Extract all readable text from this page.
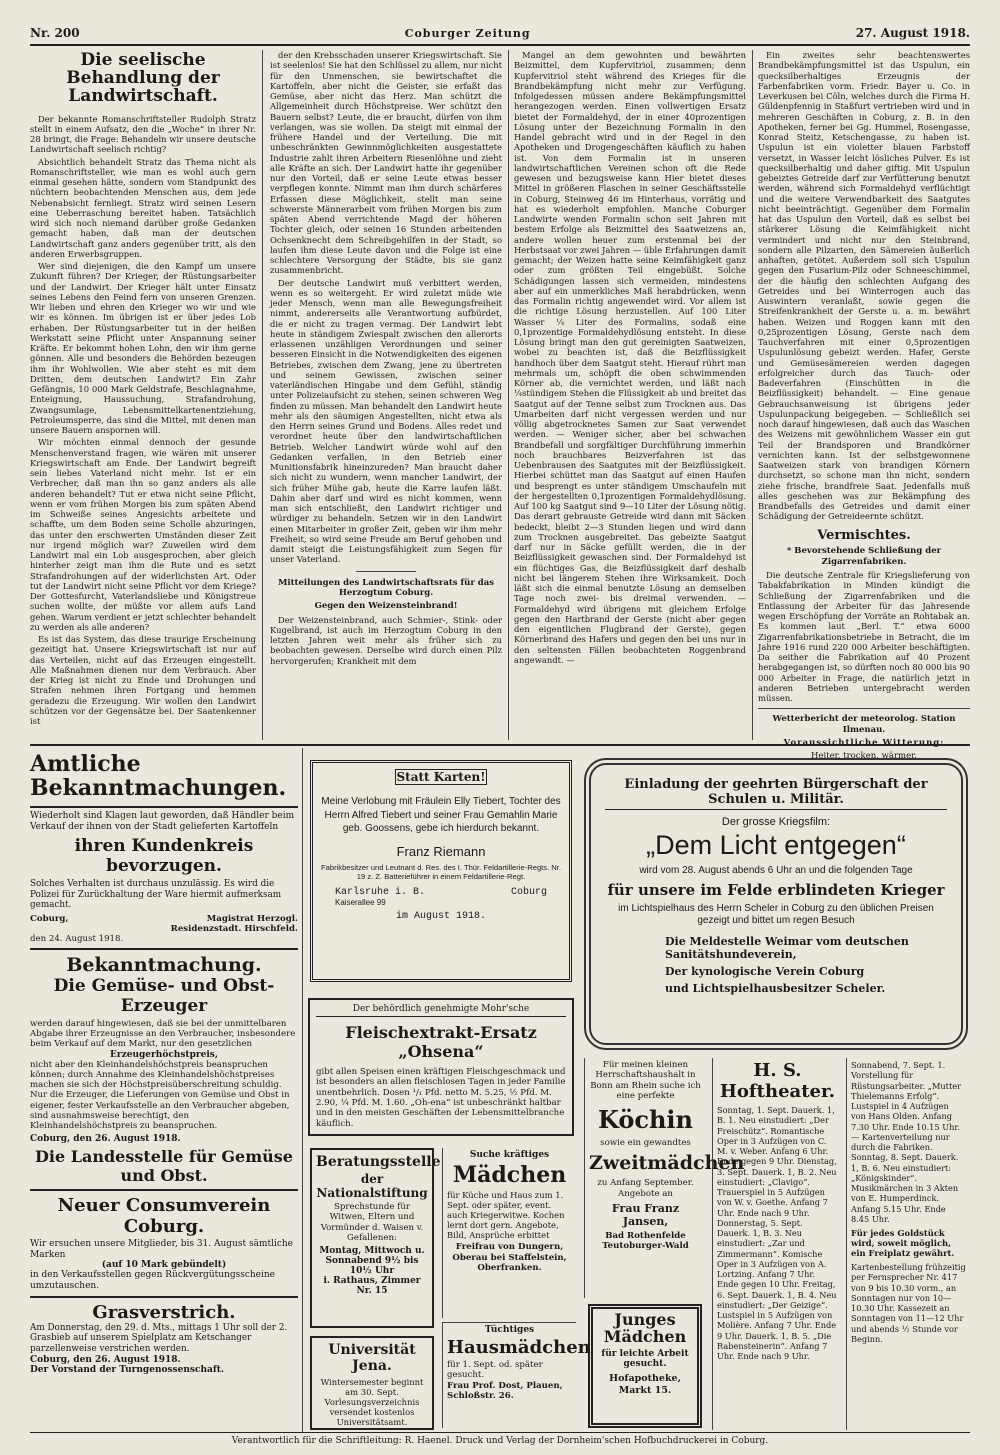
Nr. 200	Coburger Zeitung	27. August 1918.
Die seelische Behandlung der Landwirtschaft.

Der bekannte Romanschriftsteller Rudolph Stratz stellt in einem Aufsatz, den die „Woche“ in ihrer Nr. 28 bringt, die Frage: Behandeln wir unsere deutsche Landwirtschaft seelisch richtig?

Absichtlich behandelt Stratz das Thema nicht als Romanschriftsteller, wie man es wohl auch gern einmal gesehen hätte, sondern vom Standpunkt des nüchtern beobachtenden Menschen aus, dem jede Nebenabsicht fernliegt. Stratz wird seinen Lesern eine Ueberraschung bereitet haben. Tatsächlich wird sich noch niemand darüber große Gedanken gemacht haben, daß man der deutschen Landwirtschaft ganz anders gegenüber tritt, als den anderen Erwerbsgruppen.

Wer sind diejenigen, die den Kampf um unsere Zukunft führen? Der Krieger, der Rüstungsarbeiter und der Landwirt. Der Krieger hält unter Einsatz seines Lebens den Feind fern von unseren Grenzen. Wir lieben und ehren den Krieger wo wir und wie wir es können. Im übrigen ist er über jedes Lob erhaben. Der Rüstungsarbeiter tut in der heißen Werkstatt seine Pflicht unter Anspannung seiner Kräfte. Er bekommt hohen Lohn, den wir ihm gerne gönnen. Alle und besonders die Behörden bezeugen ihm ihr Wohlwollen. Wie aber steht es mit dem Dritten, dem deutschen Landwirt? Ein Zahr Gefängnis, 10 000 Mark Geldstrafe, Beschlagnahme, Enteignung, Haussuchung, Strafandrohung, Zwangsumlage, Lebensmittelkartenentziehung, Petroleumsperre, das sind die Mittel, mit denen man unsere Bauern anspornen will.

Wir möchten einmal dennoch der gesunde Menschenverstand fragen, wie wären mit unserer Kriegswirtschaft am Ende. Der Landwirt begreift sein liebes Vaterland nicht mehr. Ist er ein Verbrecher, daß man ihn so ganz anders als alle anderen behandelt? Tut er etwa nicht seine Pflicht, wenn er vom frühen Morgen bis zum späten Abend im Schweiße seines Angesichts arbeitete und schaffte, um dem Boden seine Scholle abzuringen, das unter den erschwerten Umständen dieser Zeit nur irgend möglich war? Zuweilen wird dem Landwirt mal ein Lob ausgesprochen, aber gleich hinterher zeigt man ihm die Rute und es setzt Strafandrohungen auf der widerlichsten Art. Oder tut der Landwirt nicht seine Pflicht vor dem Kriege? Der Gottesfurcht, Vaterlandsliebe und Königstreue suchen wollte, der müßte vor allem aufs Land gehen. Warum verdient er jetzt schlechter behandelt zu werden als alle anderen?

Es ist das System, das diese traurige Erscheinung gezeitigt hat. Unsere Kriegswirtschaft ist nur auf das Verteilen, nicht auf das Erzeugen eingestellt. Alle Maßnahmen dienen nur dem Verbrauch. Aber der Krieg ist nicht zu Ende und Drohungen und Strafen nehmen ihren Fortgang und hemmen geradezu die Erzeugung. Wir wollen den Landwirt schützen vor der Gegensätze bei. Der Saatenkenner ist

der den Krebsschaden unserer Kriegswirtschaft. Sie ist seelenlos! Sie hat den Schlüssel zu allem, nur nicht für den Unmenschen, sie bewirtschaftet die Kartoffeln, aber nicht die Geister, sie erfaßt das Gemüse, aber nicht das Herz. Man schützt die Allgemeinheit durch Höchstpreise. Wer schützt den Bauern selbst? Leute, die er braucht, dürfen von ihm verlangen, was sie wollen. Da steigt mit einmal der frühere Handel und der Verteilung. Die mit unbeschränkten Gewinnmöglichkeiten ausgestattete Industrie zahlt ihren Arbeitern Riesenlöhne und zieht alle Kräfte an sich. Der Landwirt hatte ihr gegenüber nur den Vorteil, daß er seine Leute etwas besser verpflegen konnte. Nimmt man ihm durch schärferes Erfassen diese Möglichkeit, stellt man seine schwerste Männerarbeit vom frühen Morgen bis zum späten Abend verrichtende Magd der höheren Tochter gleich, oder seinen 16 Stunden arbeitenden Ochsenknecht dem Schreibgehilfen in der Stadt, so laufen ihm diese Leute davon und die Folge ist eine schlechtere Versorgung der Städte, bis sie ganz zusammenbricht.

Der deutsche Landwirt muß verbittert werden, wenn es so weitergeht. Er wird zuletzt müde wie jeder Mensch, wenn man alle Bewegungsfreiheit nimmt, andererseits alle Verantwortung aufbürdet, die er nicht zu tragen vermag. Der Landwirt lebt heute in ständigem Zwiespalt zwischen den allerorts erlassenen unzähligen Verordnungen und seiner besseren Einsicht in die Notwendigkeiten des eigenen Betriebes, zwischen dem Zwang, jene zu übertreten und seinem Gewissen, zwischen seiner vaterländischen Hingabe und dem Gefühl, ständig unter Polizeiaufsicht zu stehen, seinen schweren Weg finden zu müssen. Man behandelt den Landwirt heute mehr als den säumigen Angestellten, nicht etwa als den Herrn seines Grund und Bodens. Alles redet und verordnet heute über den landwirtschaftlichen Betrieb. Welcher Landwirt würde wohl auf den Gedanken verfallen, in den Betrieb einer Munitionsfabrik hineinzureden? Man braucht daher sich nicht zu wundern, wenn mancher Landwirt, der sich früher Mühe gab, heute die Karre laufen läßt. Dahin aber darf und wird es nicht kommen, wenn man sich entschließt, den Landwirt richtiger und würdiger zu behandeln. Setzen wir in den Landwirt einen Mitarbeiter in großer Zeit, geben wir ihm mehr Freiheit, so wird seine Freude am Beruf gehoben und damit steigt die Leistungsfähigkeit zum Segen für unser Vaterland.

Mitteilungen des Landwirtschaftsrats für das Herzogtum Coburg.
Gegen den Weizensteinbrand!

Der Weizensteinbrand, auch Schmier-, Stink- oder Kugelbrand, ist auch im Herzogtum Coburg in den letzten Jahren weit mehr als früher sich zu beobachten gewesen. Derselbe wird durch einen Pilz hervorgerufen; Krankheit mit dem

Mangel an dem gewohnten und bewährten Beizmittel, dem Kupfervitriol, zusammen; denn Kupfervitriol steht während des Krieges für die Brandbekämpfung nicht mehr zur Verfügung. Infolgedessen müssen andere Bekämpfungsmittel herangezogen werden. Einen vollwertigen Ersatz bietet der Formaldehyd, der in einer 40prozentigen Lösung unter der Bezeichnung Formalin in den Handel gebracht wird und in der Regel in den Apotheken und Drogengeschäften käuflich zu haben ist. Von dem Formalin ist in unseren landwirtschaftlichen Vereinen schon oft die Rede gewesen und bezugsweise kann Hier bietet dieses Mittel in größeren Flaschen in seiner Geschäftsstelle in Coburg, Steinweg 46 im Hinterhaus, vorrätig und hat es wiederholt empfohlen. Manche Coburger Landwirte wenden Formalin schon seit Jahren mit bestem Erfolge als Beizmittel des Saatweizens an, andere wollen heuer zum erstenmal bei der Herbstsaat vor zwei Jahren — üble Erfahrungen damit gemacht; der Weizen hatte seine Keimfähigkeit ganz oder zum größten Teil eingebüßt. Solche Schädigungen lassen sich vermeiden, mindestens aber auf ein unmerkliches Maß herabdrücken, wenn das Formalin richtig angewendet wird. Vor allem ist die richtige Lösung herzustellen. Auf 100 Liter Wasser ¼ Liter des Formalins, sodaß eine 0,1prozentige Formaldehydlösung entsteht. In diese Lösung bringt man den gut gereinigten Saatweizen, wobei zu beachten ist, daß die Beizflüssigkeit handhoch über dem Saatgut steht. Hierauf rührt man mehrmals um, schöpft die oben schwimmenden Körner ab, die vernichtet werden, und läßt nach ¼stündigem Stehen die Flüssigkeit ab und breitet das Saatgut auf der Tenne selbst zum Trocknen aus. Das Umarbeiten darf nicht vergessen werden und nur völlig abgetrocknetes Samen zur Saat verwendet werden. — Weniger sicher, aber bei schwachen Brandbefall und sorgfältiger Durchführung immerhin noch brauchbares Beizverfahren ist das Uebenbrausen des Saatgutes mit der Beizflüssigkeit. Hierbei schüttet man das Saatgut auf einen Haufen und besprengt es unter ständigem Umschaufeln mit der hergestellten 0,1prozentigen Formaldehydlösung. Auf 100 kg Saatgut sind 9—10 Liter der Lösung nötig. Das derart gebrauste Getreide wird dann mit Säcken bedeckt, bleibt 2—3 Stunden liegen und wird dann zum Trocknen ausgebreitet. Das gebeizte Saatgut darf nur in Säcke gefüllt werden, die in der Beizflüssigkeit gewaschen sind. Der Formaldehyd ist ein flüchtiges Gas, die Beizflüssigkeit darf deshalb nicht bei längerem Stehen ihre Wirksamkeit. Doch läßt sich die einmal benutzte Lösung an demselben Tage noch zwei- bis dreimal verwenden. — Formaldehyd wird übrigens mit gleichem Erfolge gegen den Hartbrand der Gerste (nicht aber gegen den eigentlichen Flugbrand der Gerste), gegen Körnerbrand des Hafers und gegen den bei uns nur in den seltensten Fällen beobachteten Roggenbrand angewandt. —

Ein zweites sehr beachtenswertes Brandbekämpfungsmittel ist das Uspulun, ein quecksilberhaltiges Erzeugnis der Farbenfabriken vorm. Friedr. Bayer u. Co. in Leverkusen bei Cöln, welches durch die Firma H. Güldenpfennig in Staßfurt vertrieben wird und in mehreren Geschäften in Coburg, z. B. in den Apotheken, ferner bei Gg. Hummel, Rosengasse, Konrad Steitz, Ketschengasse, zu haben ist. Uspulun ist ein violetter blauen Farbstoff versetzt, in Wasser leicht lösliches Pulver. Es ist quecksilberhaltig und daher giftig. Mit Uspulun gebeiztes Getreide darf zur Verfütterung benutzt werden, während sich Formaldehyd verflüchtigt und die weitere Verwendbarkeit des Saatgutes nicht beeinträchtigt. Gegenüber dem Formalin hat das Uspulun den Vorteil, daß es selbst bei stärkerer Lösung die Keimfähigkeit nicht vermindert und nicht nur den Steinbrand, sondern alle Pilzarten, den Sämereien äußerlich anhaften, getötet. Außerdem soll sich Uspulun gegen den Fusarium-Pilz oder Schneeschimmel, der die häufig den schlechten Aufgang des Getreides und bei Winterrogen auch das Auswintern veranlaßt, sowie gegen die Streifenkrankheit der Gerste u. a. m. bewährt haben. Weizen und Roggen kann mit den 0,25prozentigen Lösung, Gerste nach dem Tauchverfahren mit einer 0,5prozentigen Uspulunlösung gebeizt werden. Hafer, Gerste und Gemüsesämereien werden dagegen erfolgreicher durch das Tauch- oder Badeverfahren (Einschütten in die Beizflüssigkeit) behandelt. — Eine genaue Gebrauchsanweisung ist übrigens jeder Uspulunpackung beigegeben. — Schließlich sei noch darauf hingewiesen, daß auch das Waschen des Weizens mit gewöhnlichem Wasser ein gut Teil der Brandsporen und Brandkörner vernichten kann. Ist der selbstgewonnene Saatweizen stark von brandigen Körnern durchsetzt, so schone man ihn nicht, sondern ziehe frische, brandfreie Saat. Jedenfalls muß alles geschehen was zur Bekämpfung des Brandbefalls des Getreides und damit einer Schädigung der Getreideernte schützt.

Vermischtes.
* Bevorstehende Schließung der Zigarrenfabriken.

Die deutsche Zentrale für Kriegslieferung von Tabakfabrikation in Minden kündigt die Schließung der Zigarrenfabriken und die Entlassung der Arbeiter für das Jahresende wegen Erschöpfung der Vorräte an Rohtabak an. Es kommen laut „Berl. T.“ etwa 6000 Zigarrenfabrikationsbetriebe in Betracht, die im Jahre 1916 rund 220 000 Arbeiter beschäftigten. Da seither die Fabrikation auf 40 Prozent herabgegangen ist, so dürften noch 80 000 bis 90 000 Arbeiter in Frage, die natürlich jetzt in anderen Betrieben untergebracht werden müssen.

Wetterbericht der meteorolog. Station Ilmenau.
Voraussichtliche Witterung:
Heiter, trocken, wärmer.
Amtliche Bekanntmachungen.

Wiederholt sind Klagen laut geworden, daß Händler beim Verkauf der ihnen von der Stadt gelieferten Kartoffeln

ihren Kundenkreis bevorzugen.

Solches Verhalten ist durchaus unzulässig. Es wird die Polizei für Zurückhaltung der Ware hiermit aufmerksam gemacht.

Coburg,	Magistrat Herzogl. Residenzstadt. Hirschfeld.
den 24. August 1918.
Bekanntmachung.
Die Gemüse- und Obst-Erzeuger

werden darauf hingewiesen, daß sie bei der unmittelbaren Abgabe ihrer Erzeugnisse an den Verbraucher, insbesondere beim Verkauf auf dem Markt, nur den gesetzlichen

Erzeugerhöchstpreis,

nicht aber den Kleinhandelshöchstpreis beanspruchen können; durch Annahme des Kleinhandelshöchstpreises machen sie sich der Höchstpreisüberschreitung schuldig. Nur die Erzeuger, die Lieferungen von Gemüse und Obst in eigener, fester Verkaufsstelle an den Verbraucher abgeben, sind ausnahmsweise berechtigt, den Kleinhandelshöchstpreis zu beanspruchen.

Coburg, den 26. August 1918.
Die Landesstelle für Gemüse und Obst.
Neuer Consumverein Coburg.

Wir ersuchen unsere Mitglieder, bis 31. August sämtliche Marken

(auf 10 Mark gebündelt)

in den Verkaufsstellen gegen Rückvergütungsscheine umzutauschen.

Grasverstrich.

Am Donnerstag, den 29. d. Mts., mittags 1 Uhr soll der 2. Grasbieb auf unserem Spielplatz am Ketschanger parzellenweise verstrichen werden.

Coburg, den 26. August 1918.
Der Vorstand der Turngenossenschaft.
Statt Karten!

Meine Verlobung mit Fräulein Elly Tiebert, Tochter des Herrn Alfred Tiebert und seiner Frau Gemahlin Marie geb. Goossens, gebe ich hierdurch bekannt.

Franz Riemann

Fabrikbesitzer und Leutnant d. Res. des I. Thür. Feldartillerie-Regts. Nr. 19 z. Z. Batterieführer in einem Feldartillerie-Regt.

Karlsruhe i. B.	Coburg
Kaiserallee 99
im August 1918.
Der behördlich genehmigte Mohr'sche
Fleischextrakt-Ersatz „Ohsena“

gibt allen Speisen einen kräftigen Fleischgeschmack und ist besonders an allen fleischlosen Tagen in jeder Familie unentbehrlich. Dosen ¹/₁ Pfd. netto M. 5.25, ½ Pfd. M. 2.90, ¼ Pfd. M. 1.60. „Oh-ena“ ist unbeschränkt haltbar und in den meisten Geschäften der Lebensmittelbranche käuflich.

Einladung der geehrten Bürgerschaft der Schulen u. Militär.
Der grosse Kriegsfilm:
„Dem Licht entgegen“

wird vom 28. August abends 6 Uhr an und die folgenden Tage

für unsere im Felde erblindeten Krieger

im Lichtspielhaus des Herrn Scheler in Coburg zu den üblichen Preisen gezeigt und bittet um regen Besuch

Die Meldestelle Weimar vom deutschen Sanitätshundeverein,
Der kynologische Verein Coburg
und Lichtspielhausbesitzer Scheler.
Beratungsstelle
der Nationalstiftung

Sprechstunde für Witwen, Eltern und Vormünder d. Waisen v. Gefallenen:

Montag, Mittwoch u. Sonnabend 9½ bis 10½ Uhr
i. Rathaus, Zimmer Nr. 15
Universität Jena.

Wintersemester beginnt am 30. Sept. Vorlesungsverzeichnis versendet kostenlos Universitätsamt.

Suche kräftiges
Mädchen

für Küche und Haus zum 1. Sept. oder später, event. auch Kriegerwitwe. Kochen lernt dort gern. Angebote, Bild, Ansprüche erbittet

Freifrau von Dungern, Oberau bei Staffelstein, Oberfranken.

Tüchtiges
Hausmädchen

für 1. Sept. od. später gesucht.

Frau Prof. Dost, Plauen, Schloßstr. 26.

Für meinen kleinen Herrschaftshaushalt in Bonn am Rhein suche ich eine perfekte

Köchin
sowie ein gewandtes
Zweitmädchen

zu Anfang September. Angebote an

Frau Franz Jansen,

Bad Rothenfelde Teutoburger-Wald

Junges Mädchen

für leichte Arbeit gesucht.

Hofapotheke, Markt 15.

H. S. Hoftheater.

Sonntag, 1. Sept. Dauerk. 1, B. 1. Neu einstudiert: „Der Freischütz“. Romantische Oper in 3 Aufzügen von C. M. v. Weber. Anfang 6 Uhr. Ende gegen 9 Uhr. Dienstag, 3. Sept. Dauerk. 1, B. 2. Neu einstudiert: „Clavigo“. Trauerspiel in 5 Aufzügen von W. v. Goethe. Anfang 7 Uhr. Ende nach 9 Uhr. Donnerstag, 5. Sept. Dauerk. 1, B. 3. Neu einstudiert: „Zar und Zimmermann“. Komische Oper in 3 Aufzügen von A. Lortzing. Anfang 7 Uhr. Ende gegen 10 Uhr. Freitag, 6. Sept. Dauerk. 1, B. 4. Neu einstudiert: „Der Geizige“. Lustspiel in 5 Aufzügen von Molière. Anfang 7 Uhr. Ende 9 Uhr. Dauerk. 1, B. 5. „Die Rabensteinerin“. Anfang 7 Uhr. Ende nach 9 Uhr.

Sonnabend, 7. Sept. 1. Vorstellung für Rüstungsarbeiter. „Mutter Thielemanns Erfolg“. Lustspiel in 4 Aufzügen von Hans Olden. Anfang 7.30 Uhr. Ende 10.15 Uhr. — Kartenverteilung nur durch die Fabriken. Sonntag, 8. Sept. Dauerk. 1, B. 6. Neu einstudiert: „Königskinder“. Musikmärchen in 3 Akten von E. Humperdinck. Anfang 5.15 Uhr. Ende 8.45 Uhr.

Für jedes Goldstück wird, soweit möglich, ein Freiplatz gewährt.

Kartenbestellung frühzeitig per Fernsprecher Nr. 417 von 9 bis 10.30 vorm., an Sonntagen nur von 10—10.30 Uhr. Kassezeit an Sonntagen von 11—12 Uhr und abends ½ Stunde vor Beginn.

Verantwortlich für die Schriftleitung: R. Haenel. Druck und Verlag der Dornheim'schen Hofbuchdruckerei in Coburg.
